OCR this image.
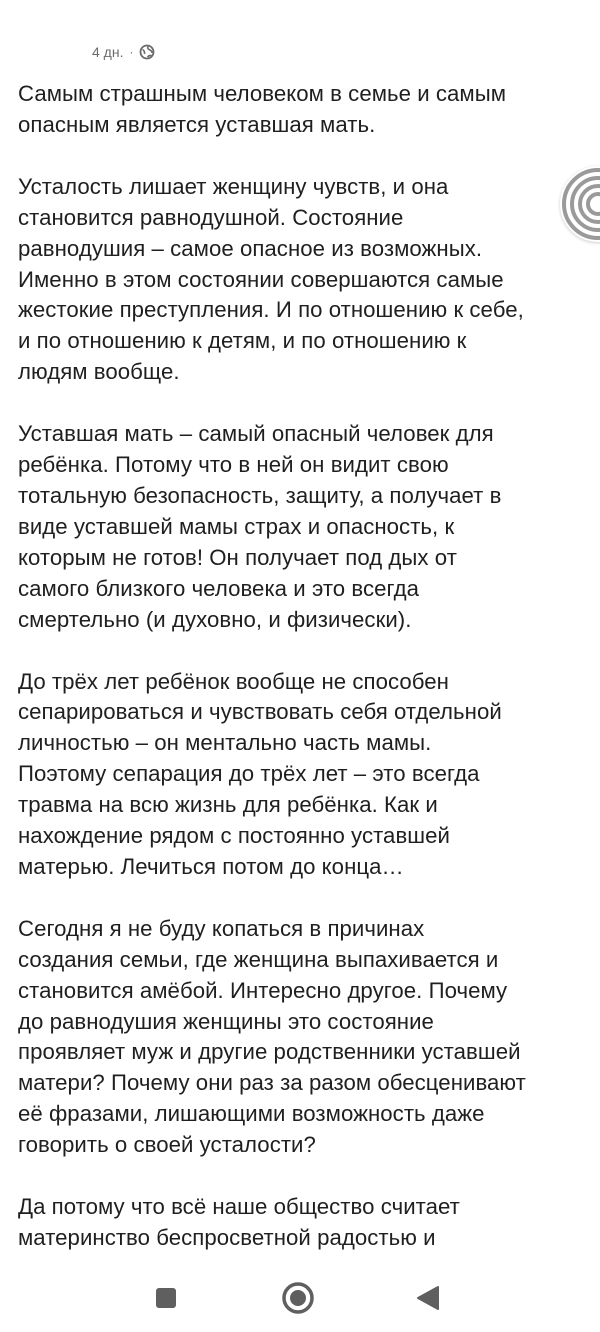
4 дн. ·

Самым страшным человеком в семье и самым
опасным является уставшая мать.

Усталость лишает женщину чувств, и она
становится равнодушной. Состояние
равнодушия – самое опасное из возможных.
Именно в этом состоянии совершаются самые
жестокие преступления. И по отношению к себе,
и по отношению к детям, и по отношению к
людям вообще.

Уставшая мать – самый опасный человек для
ребёнка. Потому что в ней он видит свою
тотальную безопасность, защиту, а получает в
виде уставшей мамы страх и опасность, к
которым не готов! Он получает под дых от
самого близкого человека и это всегда
смертельно (и духовно, и физически).

До трёх лет ребёнок вообще не способен
сепарироваться и чувствовать себя отдельной
личностью – он ментально часть мамы.
Поэтому сепарация до трёх лет – это всегда
травма на всю жизнь для ребёнка. Как и
нахождение рядом с постоянно уставшей
матерью. Лечиться потом до конца…

Сегодня я не буду копаться в причинах
создания семьи, где женщина выпахивается и
становится амёбой. Интересно другое. Почему
до равнодушия женщины это состояние
проявляет муж и другие родственники уставшей
матери? Почему они раз за разом обесценивают
её фразами, лишающими возможность даже
говорить о своей усталости?

Да потому что всё наше общество считает
материнство беспросветной радостью и
